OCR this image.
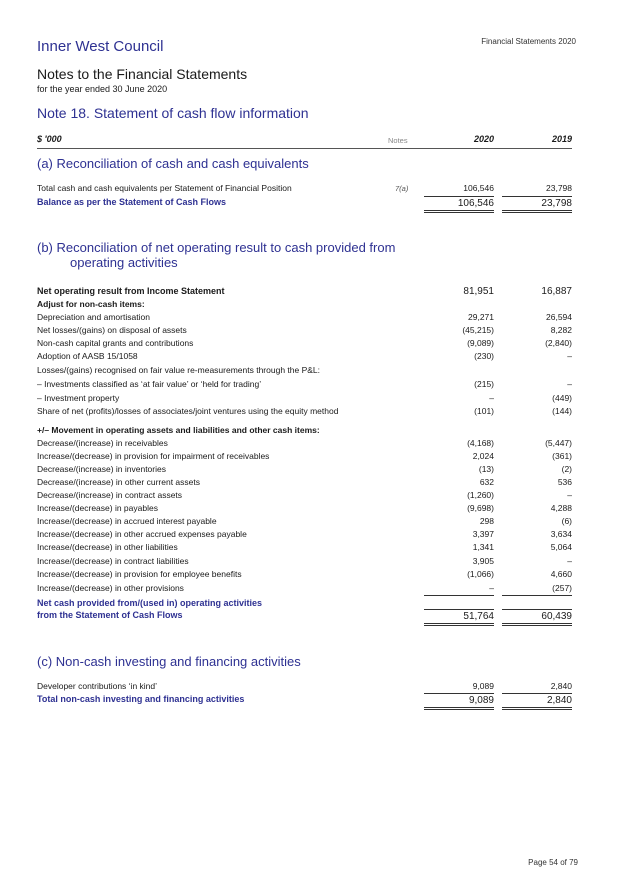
Inner West Council	Financial Statements 2020
Notes to the Financial Statements
for the year ended 30 June 2020
Note 18. Statement of cash flow information
$ '000	Notes	2020	2019
(a) Reconciliation of cash and cash equivalents
Total cash and cash equivalents per Statement of Financial Position	7(a)	106,546	23,798
Balance as per the Statement of Cash Flows	106,546	23,798
(b) Reconciliation of net operating result to cash provided from
operating activities
Net operating result from Income Statement	81,951	16,887
Adjust for non-cash items:
Depreciation and amortisation	29,271	26,594
Net losses/(gains) on disposal of assets	(45,215)	8,282
Non-cash capital grants and contributions	(9,089)	(2,840)
Adoption of AASB 15/1058	(230)	–
Losses/(gains) recognised on fair value re-measurements through the P&L:
– Investments classified as ‘at fair value’ or ‘held for trading’	(215)	–
– Investment property	–	(449)
Share of net (profits)/losses of associates/joint ventures using the equity method	(101)	(144)
+/– Movement in operating assets and liabilities and other cash items:
Decrease/(increase) in receivables	(4,168)	(5,447)
Increase/(decrease) in provision for impairment of receivables	2,024	(361)
Decrease/(increase) in inventories	(13)	(2)
Decrease/(increase) in other current assets	632	536
Decrease/(increase) in contract assets	(1,260)	–
Increase/(decrease) in payables	(9,698)	4,288
Increase/(decrease) in accrued interest payable	298	(6)
Increase/(decrease) in other accrued expenses payable	3,397	3,634
Increase/(decrease) in other liabilities	1,341	5,064
Increase/(decrease) in contract liabilities	3,905	–
Increase/(decrease) in provision for employee benefits	(1,066)	4,660
Increase/(decrease) in other provisions	–	(257)
Net cash provided from/(used in) operating activities
from the Statement of Cash Flows	51,764	60,439
(c) Non-cash investing and financing activities
Developer contributions ‘in kind’	9,089	2,840
Total non-cash investing and financing activities	9,089	2,840
Page 54 of 79
